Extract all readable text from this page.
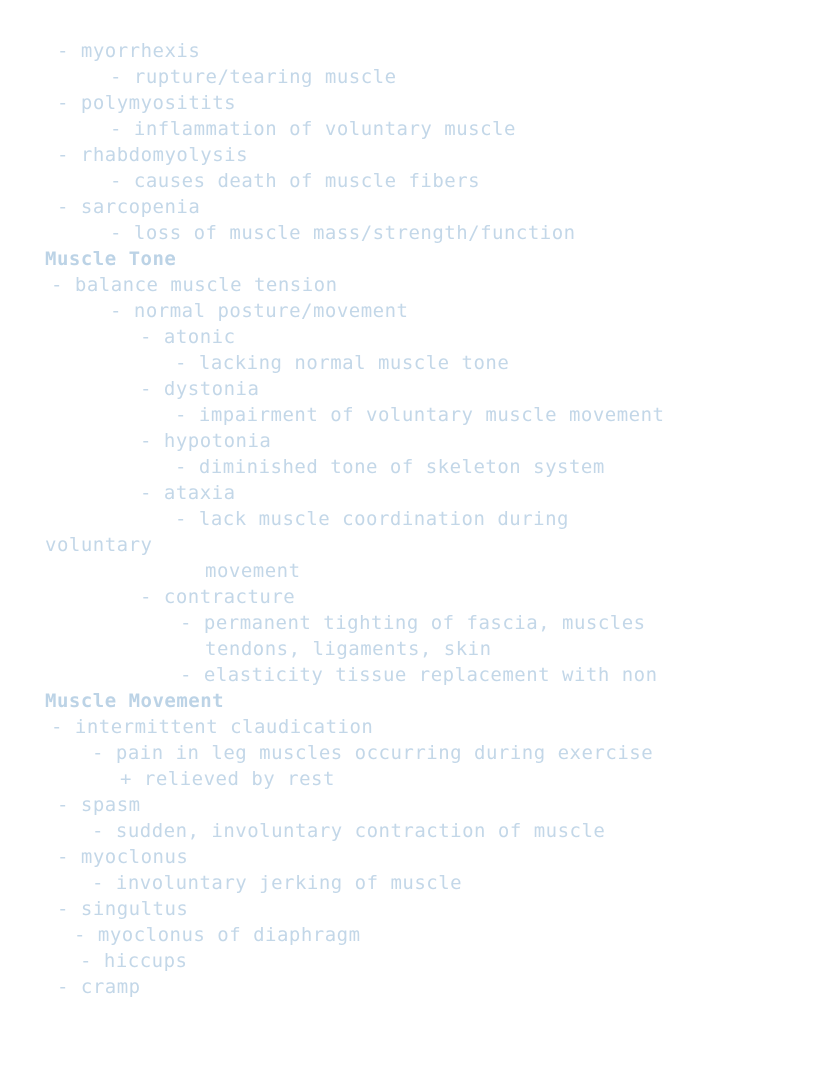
- myorrhexis
- rupture/tearing muscle
- polymyositits
- inflammation of voluntary muscle
- rhabdomyolysis
- causes death of muscle fibers
- sarcopenia
- loss of muscle mass/strength/function
Muscle Tone
- balance muscle tension
- normal posture/movement
- atonic
- lacking normal muscle tone
- dystonia
- impairment of voluntary muscle movement
- hypotonia
- diminished tone of skeleton system
- ataxia
- lack muscle coordination during
voluntary
movement
- contracture
- permanent tighting of fascia, muscles
tendons, ligaments, skin
- elasticity tissue replacement with non
Muscle Movement
- intermittent claudication
- pain in leg muscles occurring during exercise
+ relieved by rest
- spasm
- sudden, involuntary contraction of muscle
- myoclonus
- involuntary jerking of muscle
- singultus
- myoclonus of diaphragm
- hiccups
- cramp
